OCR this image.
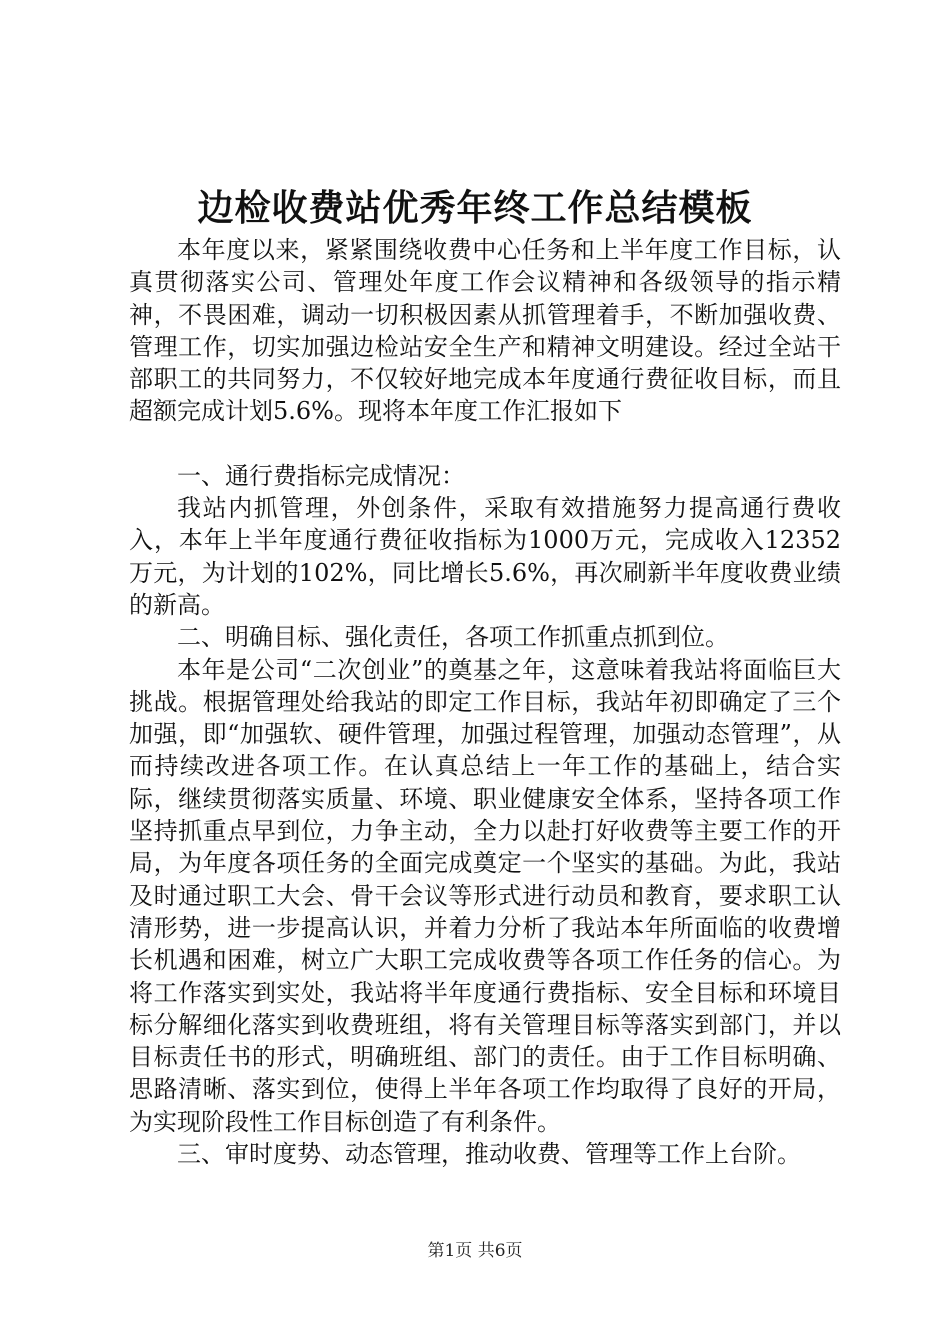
边检收费站优秀年终工作总结模板

本年度以来，紧紧围绕收费中心任务和上半年度工作目标，认真贯彻落实公司、管理处年度工作会议精神和各级领导的指示精神，不畏困难，调动一切积极因素从抓管理着手，不断加强收费、管理工作，切实加强边检站安全生产和精神文明建设。经过全站干部职工的共同努力，不仅较好地完成本年度通行费征收目标，而且超额完成计划5.6%。现将本年度工作汇报如下

一、通行费指标完成情况：

我站内抓管理，外创条件，采取有效措施努力提高通行费收入，本年上半年度通行费征收指标为1000万元，完成收入12352万元，为计划的102%，同比增长5.6%，再次刷新半年度收费业绩的新高。

二、明确目标、强化责任，各项工作抓重点抓到位。

本年是公司“二次创业”的奠基之年，这意味着我站将面临巨大挑战。根据管理处给我站的即定工作目标，我站年初即确定了三个加强，即“加强软、硬件管理，加强过程管理，加强动态管理”，从而持续改进各项工作。在认真总结上一年工作的基础上，结合实际，继续贯彻落实质量、环境、职业健康安全体系，坚持各项工作坚持抓重点早到位，力争主动，全力以赴打好收费等主要工作的开局，为年度各项任务的全面完成奠定一个坚实的基础。为此，我站及时通过职工大会、骨干会议等形式进行动员和教育，要求职工认清形势，进一步提高认识，并着力分析了我站本年所面临的收费增长机遇和困难，树立广大职工完成收费等各项工作任务的信心。为将工作落实到实处，我站将半年度通行费指标、安全目标和环境目标分解细化落实到收费班组，将有关管理目标等落实到部门，并以目标责任书的形式，明确班组、部门的责任。由于工作目标明确、思路清晰、落实到位，使得上半年各项工作均取得了良好的开局，为实现阶段性工作目标创造了有利条件。

三、审时度势、动态管理，推动收费、管理等工作上台阶。

第1页 共6页
